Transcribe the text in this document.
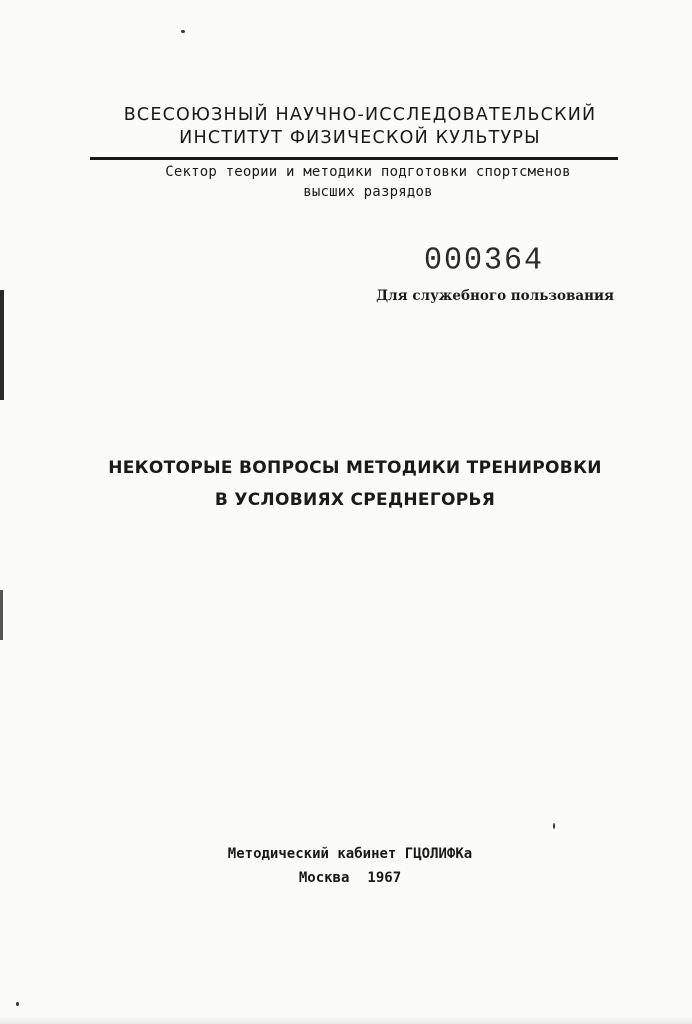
ВСЕСОЮЗНЫЙ НАУЧНО-ИССЛЕДОВАТЕЛЬСКИЙ
ИНСТИТУТ ФИЗИЧЕСКОЙ КУЛЬТУРЫ
Сектор теории и методики подготовки спортсменов
высших разрядов
000364
Для служебного пользования
НЕКОТОРЫЕ ВОПРОСЫ МЕТОДИКИ ТРЕНИРОВКИ
В УСЛОВИЯХ СРЕДНЕГОРЬЯ
Методический кабинет ГЦОЛИФКа
Москва 1967
